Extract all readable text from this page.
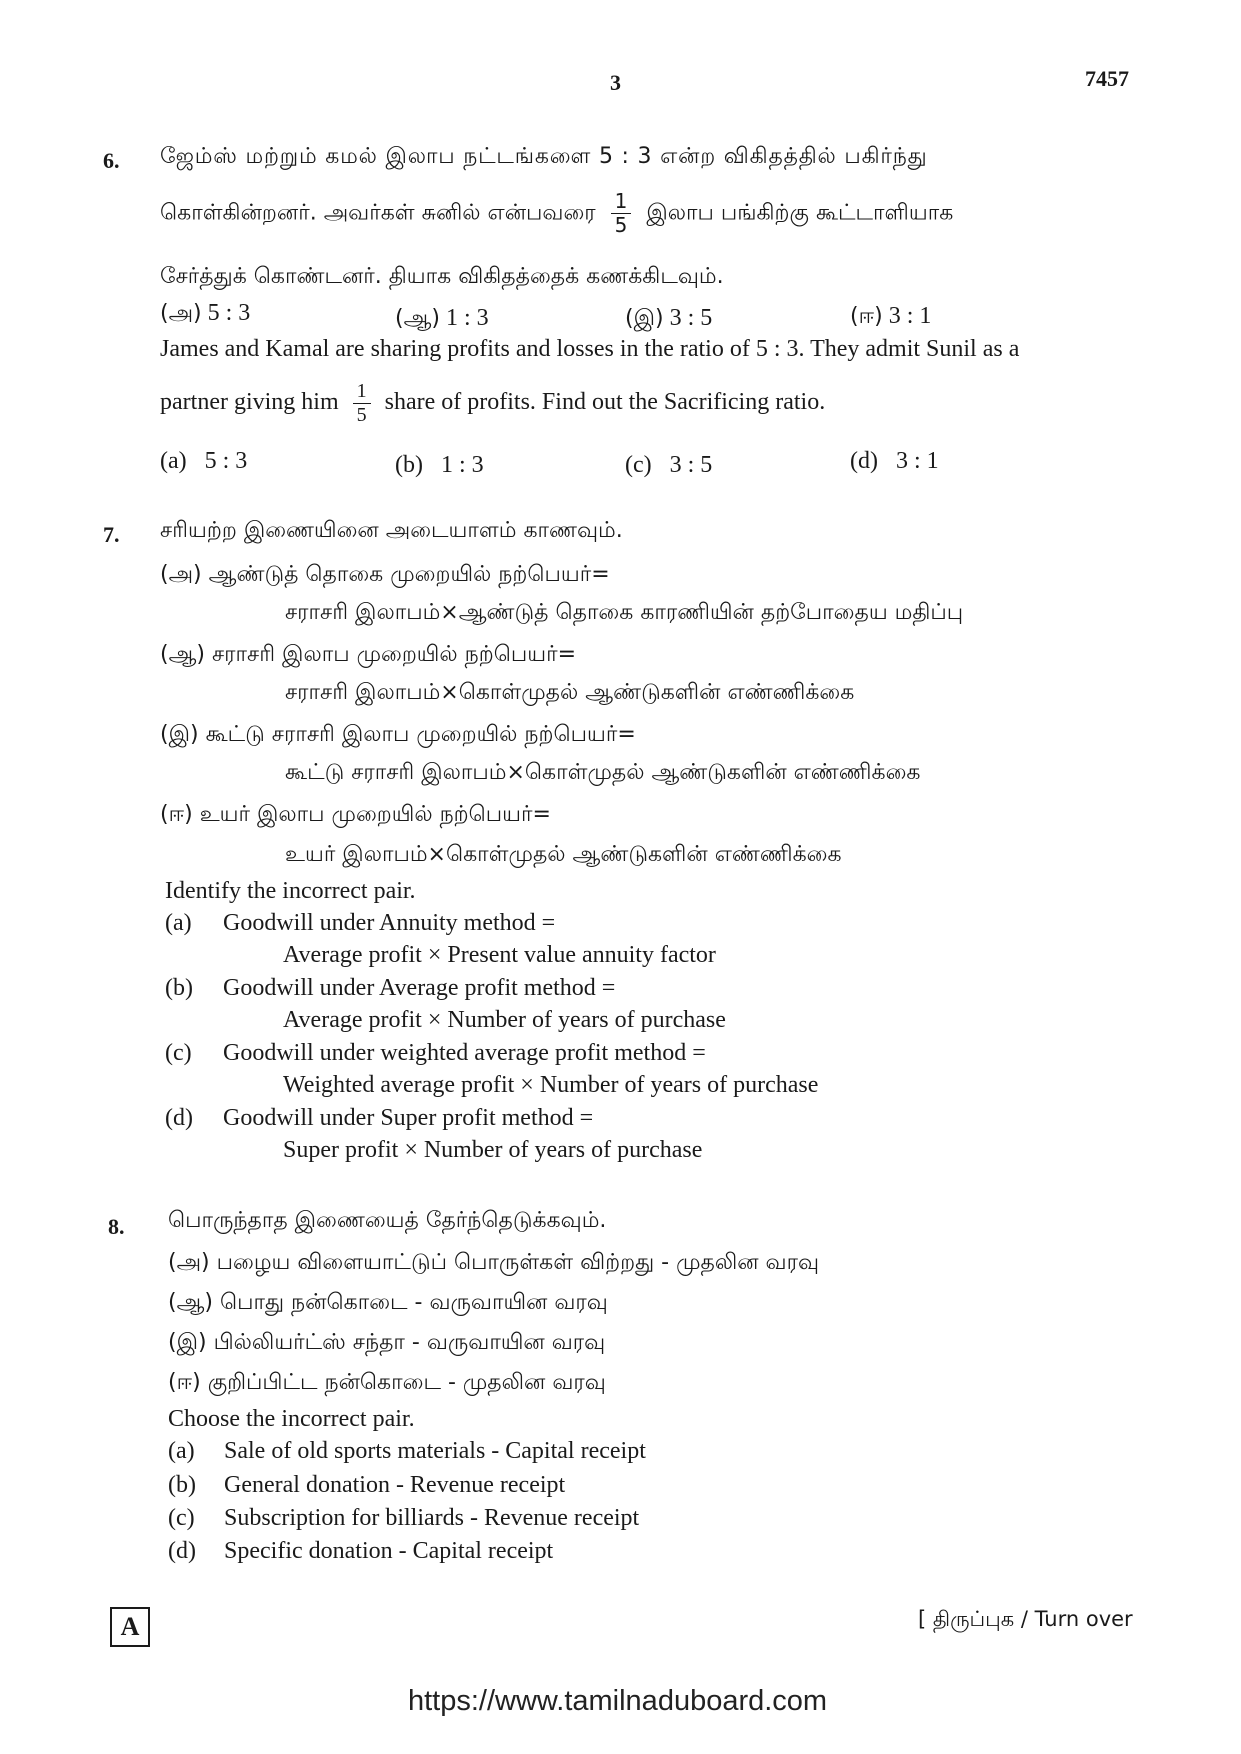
3	7457
6. ஜேம்ஸ் மற்றும் கமல் இலாப நட்டங்களை 5 : 3 என்ற விகிதத்தில் பகிர்ந்து
கொள்கின்றனர். அவர்கள் சுனில் என்பவரை $\frac{1}{5}$ இலாப பங்கிற்கு கூட்டாளியாக
சேர்த்துக் கொண்டனர். தியாக விகிதத்தைக் கணக்கிடவும்.
(அ) 5 : 3	(ஆ) 1 : 3	(இ) 3 : 5	(ஈ) 3 : 1
James and Kamal are sharing profits and losses in the ratio of 5 : 3. They admit Sunil as a
partner giving him $\frac{1}{5}$ share of profits. Find out the Sacrificing ratio.
(a) 5 : 3	(b) 1 : 3	(c) 3 : 5	(d) 3 : 1
7. சரியற்ற இணையினை அடையாளம் காணவும்.
(அ) ஆண்டுத் தொகை முறையில் நற்பெயர்=
சராசரி இலாபம்×ஆண்டுத் தொகை காரணியின் தற்போதைய மதிப்பு
(ஆ) சராசரி இலாப முறையில் நற்பெயர்=
சராசரி இலாபம்×கொள்முதல் ஆண்டுகளின் எண்ணிக்கை
(இ) கூட்டு சராசரி இலாப முறையில் நற்பெயர்=
கூட்டு சராசரி இலாபம்×கொள்முதல் ஆண்டுகளின் எண்ணிக்கை
(ஈ) உயர் இலாப முறையில் நற்பெயர்=
உயர் இலாபம்×கொள்முதல் ஆண்டுகளின் எண்ணிக்கை
Identify the incorrect pair.
(a) Goodwill under Annuity method =
Average profit × Present value annuity factor
(b) Goodwill under Average profit method =
Average profit × Number of years of purchase
(c) Goodwill under weighted average profit method =
Weighted average profit × Number of years of purchase
(d) Goodwill under Super profit method =
Super profit × Number of years of purchase
8. பொருந்தாத இணையைத் தேர்ந்தெடுக்கவும்.
(அ) பழைய விளையாட்டுப் பொருள்கள் விற்றது - முதலின வரவு
(ஆ) பொது நன்கொடை - வருவாயின வரவு
(இ) பில்லியர்ட்ஸ் சந்தா - வருவாயின வரவு
(ஈ) குறிப்பிட்ட நன்கொடை - முதலின வரவு
Choose the incorrect pair.
(a) Sale of old sports materials - Capital receipt
(b) General donation - Revenue receipt
(c) Subscription for billiards - Revenue receipt
(d) Specific donation - Capital receipt
A	[ திருப்புக / Turn over
https://www.tamilnaduboard.com
